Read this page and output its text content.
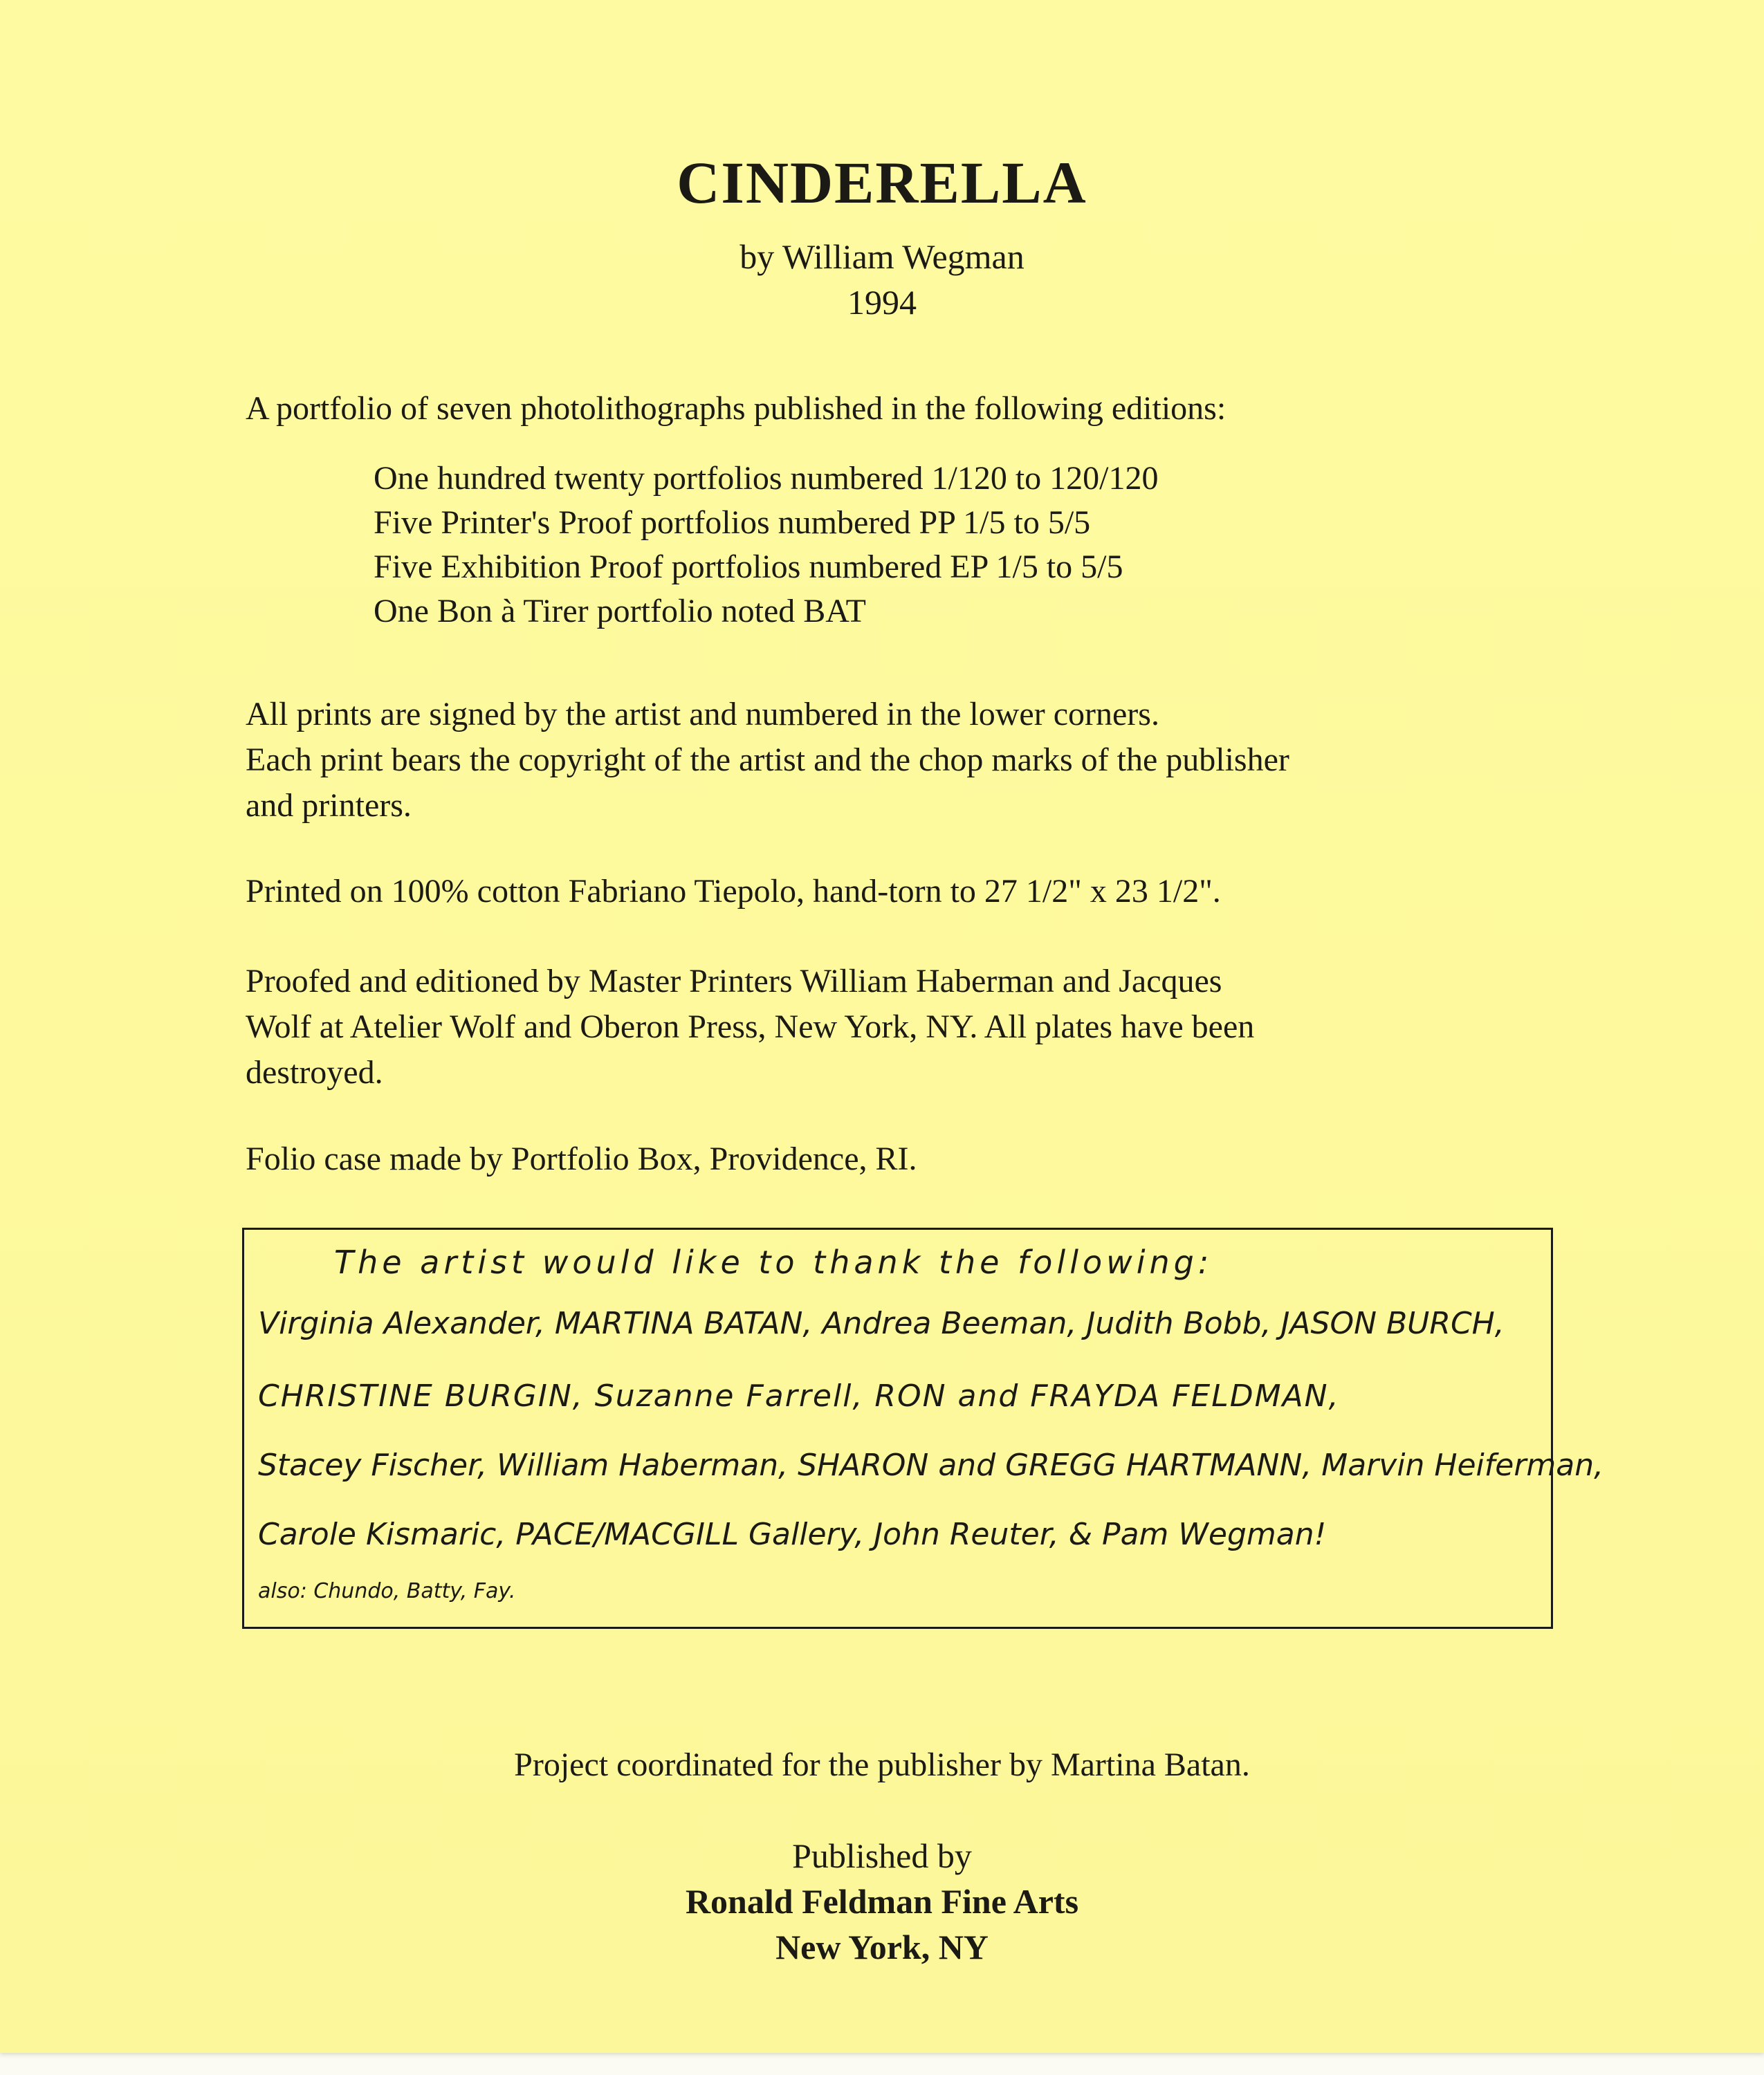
CINDERELLA
by William Wegman
1994
A portfolio of seven photolithographs published in the following editions:
One hundred twenty portfolios numbered 1/120 to 120/120
Five Printer's Proof portfolios numbered PP 1/5 to 5/5
Five Exhibition Proof portfolios numbered EP 1/5 to 5/5
One Bon à Tirer portfolio noted BAT
All prints are signed by the artist and numbered in the lower corners.
Each print bears the copyright of the artist and the chop marks of the publisher
and printers.
Printed on 100% cotton Fabriano Tiepolo, hand-torn to 27 1/2" x 23 1/2".
Proofed and editioned by Master Printers William Haberman and Jacques
Wolf at Atelier Wolf and Oberon Press, New York, NY. All plates have been
destroyed.
Folio case made by Portfolio Box, Providence, RI.
The artist would like to thank the following:
Virginia Alexander, MARTINA BATAN, Andrea Beeman, Judith Bobb, JASON BURCH,
CHRISTINE BURGIN, Suzanne Farrell, RON and FRAYDA FELDMAN,
Stacey Fischer, William Haberman, SHARON and GREGG HARTMANN, Marvin Heiferman,
Carole Kismaric, PACE/MACGILL Gallery, John Reuter, & Pam Wegman!
also: Chundo, Batty, Fay.
Project coordinated for the publisher by Martina Batan.
Published by
Ronald Feldman Fine Arts
New York, NY
